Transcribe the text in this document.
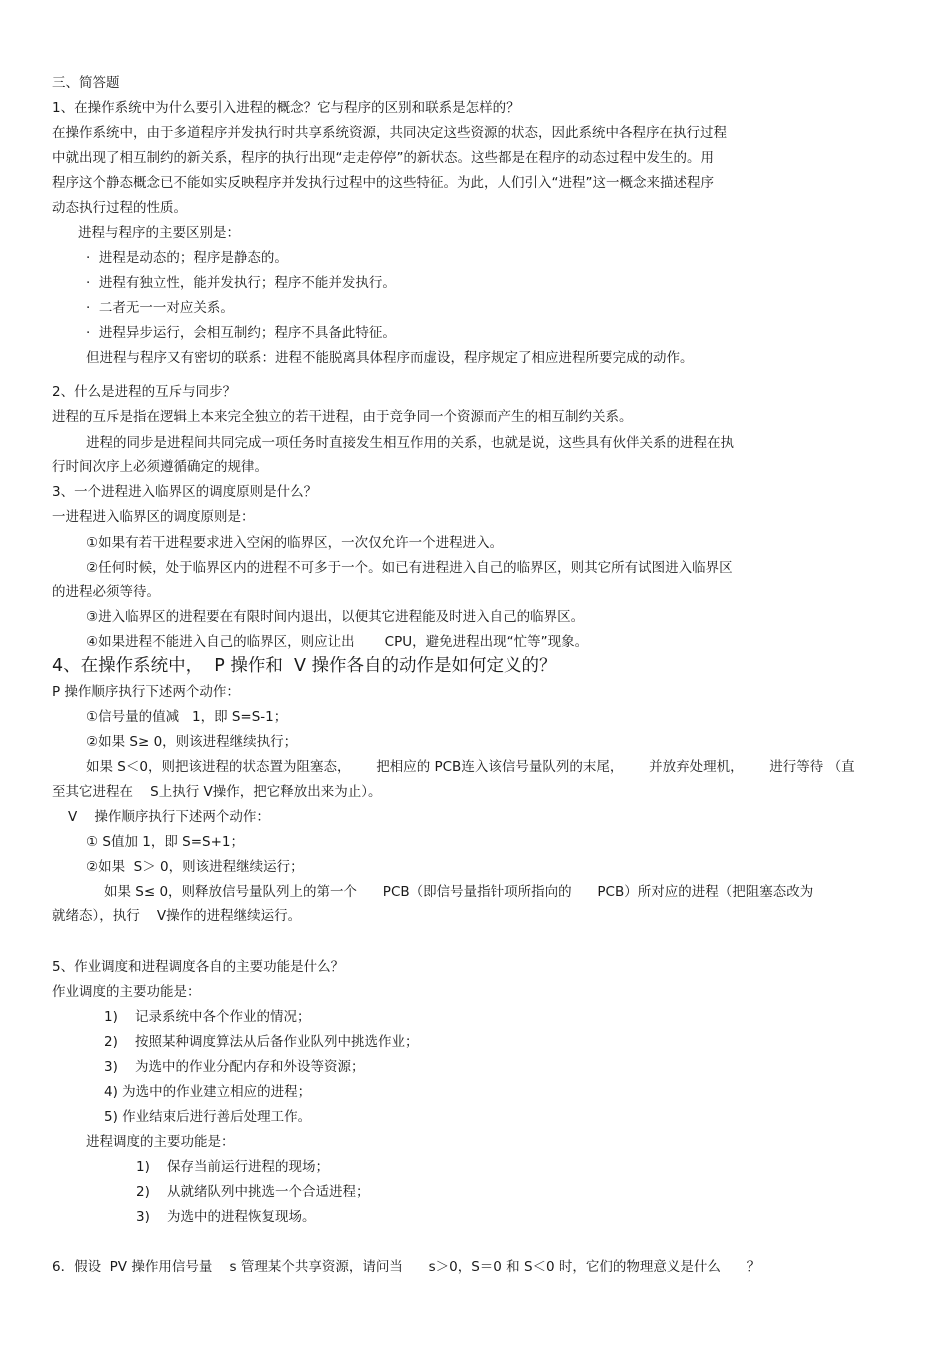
三、简答题
1、在操作系统中为什么要引入进程的概念？它与程序的区别和联系是怎样的？
在操作系统中，由于多道程序并发执行时共享系统资源，共同决定这些资源的状态，因此系统中各程序在执行过程
中就出现了相互制约的新关系，程序的执行出现“走走停停”的新状态。这些都是在程序的动态过程中发生的。用
程序这个静态概念已不能如实反映程序并发执行过程中的这些特征。为此，人们引入“进程”这一概念来描述程序
动态执行过程的性质。
进程与程序的主要区别是：
·  进程是动态的；程序是静态的。
·  进程有独立性，能并发执行；程序不能并发执行。
·  二者无一一对应关系。
·  进程异步运行，会相互制约；程序不具备此特征。
但进程与程序又有密切的联系：进程不能脱离具体程序而虚设，程序规定了相应进程所要完成的动作。
2、什么是进程的互斥与同步？
进程的互斥是指在逻辑上本来完全独立的若干进程，由于竞争同一个资源而产生的相互制约关系。
进程的同步是进程间共同完成一项任务时直接发生相互作用的关系，也就是说，这些具有伙伴关系的进程在执
行时间次序上必须遵循确定的规律。
3、一个进程进入临界区的调度原则是什么？
一进程进入临界区的调度原则是：
①如果有若干进程要求进入空闲的临界区，一次仅允许一个进程进入。
②任何时候，处于临界区内的进程不可多于一个。如已有进程进入自己的临界区，则其它所有试图进入临界区
的进程必须等待。
③进入临界区的进程要在有限时间内退出，以便其它进程能及时进入自己的临界区。
④如果进程不能进入自己的临界区，则应让出       CPU，避免进程出现“忙等”现象。
4、在操作系统中，  P 操作和  V 操作各自的动作是如何定义的？
P 操作顺序执行下述两个动作：
①信号量的值减   1，即 S=S-1；
②如果 S≥ 0，则该进程继续执行；
如果 S＜0，则把该进程的状态置为阻塞态，      把相应的 PCB连入该信号量队列的末尾，      并放弃处理机，      进行等待 （直
至其它进程在    S上执行 V操作，把它释放出来为止）。
V    操作顺序执行下述两个动作：
① S值加 1，即 S=S+1；
②如果  S＞ 0，则该进程继续运行；
如果 S≤ 0，则释放信号量队列上的第一个      PCB（即信号量指针项所指向的      PCB）所对应的进程（把阻塞态改为
就绪态），执行    V操作的进程继续运行。
5、作业调度和进程调度各自的主要功能是什么？
作业调度的主要功能是：
1)    记录系统中各个作业的情况；
2)    按照某种调度算法从后备作业队列中挑选作业；
3)    为选中的作业分配内存和外设等资源；
4) 为选中的作业建立相应的进程；
5) 作业结束后进行善后处理工作。
进程调度的主要功能是：
1)    保存当前运行进程的现场；
2)    从就绪队列中挑选一个合适进程；
3)    为选中的进程恢复现场。
6．假设  PV 操作用信号量    s 管理某个共享资源，请问当      s＞0，S＝0 和 S＜0 时，它们的物理意义是什么      ？
